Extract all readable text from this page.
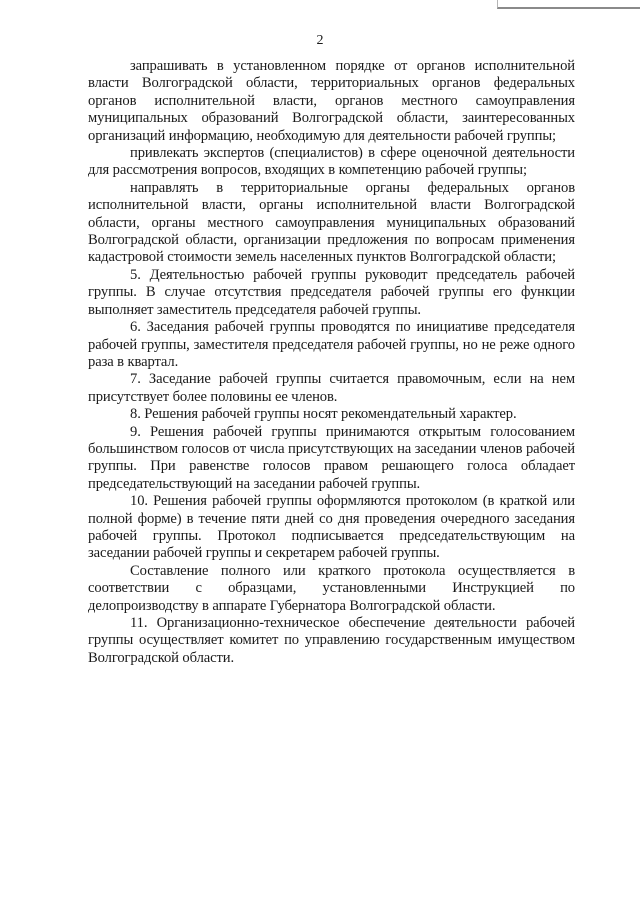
2

запрашивать в установленном порядке от органов исполнительной власти Волгоградской области, территориальных органов федеральных органов исполнительной власти, органов местного самоуправления муниципальных образований Волгоградской области, заинтересованных организаций информацию, необходимую для деятельности рабочей группы;

привлекать экспертов (специалистов) в сфере оценочной деятельности для рассмотрения вопросов, входящих в компетенцию рабочей группы;

направлять в территориальные органы федеральных органов исполнительной власти, органы исполнительной власти Волгоградской области, органы местного самоуправления муниципальных образований Волгоградской области, организации предложения по вопросам применения кадастровой стоимости земель населенных пунктов Волгоградской области;

5. Деятельностью рабочей группы руководит председатель рабочей группы. В случае отсутствия председателя рабочей группы его функции выполняет заместитель председателя рабочей группы.

6. Заседания рабочей группы проводятся по инициативе председателя рабочей группы, заместителя председателя рабочей группы, но не реже одного раза в квартал.

7. Заседание рабочей группы считается правомочным, если на нем присутствует более половины ее членов.

8. Решения рабочей группы носят рекомендательный характер.

9. Решения рабочей группы принимаются открытым голосованием большинством голосов от числа присутствующих на заседании членов рабочей группы. При равенстве голосов правом решающего голоса обладает председательствующий на заседании рабочей группы.

10. Решения рабочей группы оформляются протоколом (в краткой или полной форме) в течение пяти дней со дня проведения очередного заседания рабочей группы. Протокол подписывается председательствующим на заседании рабочей группы и секретарем рабочей группы.

Составление полного или краткого протокола осуществляется в соответствии с образцами, установленными Инструкцией по делопроизводству в аппарате Губернатора Волгоградской области.

11. Организационно-техническое обеспечение деятельности рабочей группы осуществляет комитет по управлению государственным имуществом Волгоградской области.
